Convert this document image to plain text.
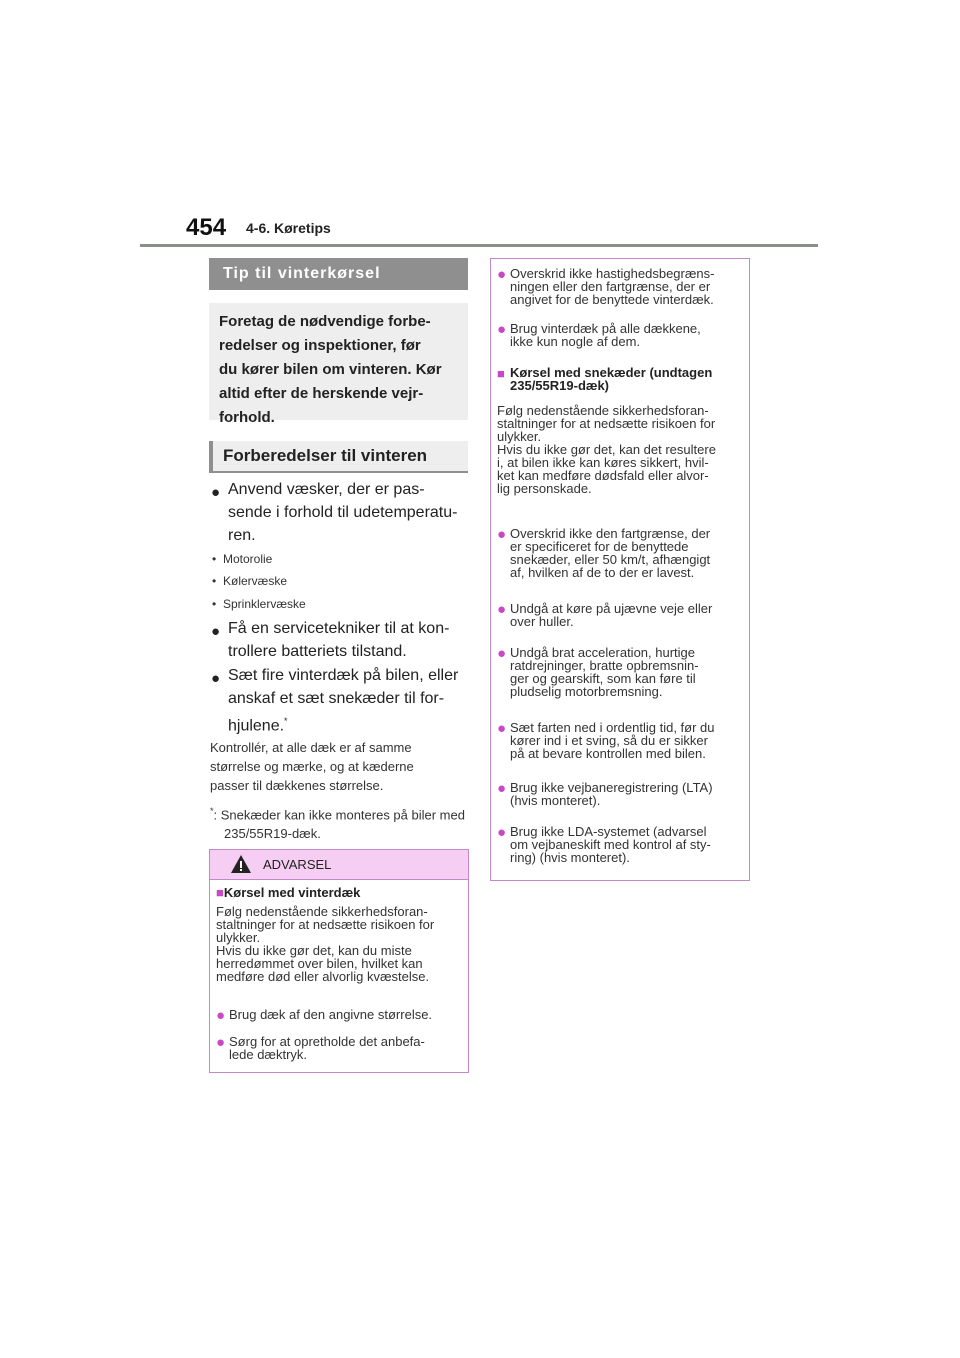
454 4-6. Køretips
Tip til vinterkørsel
Foretag de nødvendige forbe-
redelser og inspektioner, før
du kører bilen om vinteren. Kør
altid efter de herskende vejr-
forhold.
Forberedelser til vinteren
● Anvend væsker, der er pas-
sende i forhold til udetemperatu-
ren.
• Motorolie
• Kølervæske
• Sprinklervæske
● Få en servicetekniker til at kon-
trollere batteriets tilstand.
● Sæt fire vinterdæk på bilen, eller
anskaf et sæt snekæder til for-
hjulene.*
Kontrollér, at alle dæk er af samme
størrelse og mærke, og at kæderne
passer til dækkenes størrelse.
*: Snekæder kan ikke monteres på biler med 235/55R19-dæk.
ADVARSEL
■Kørsel med vinterdæk
Følg nedenstående sikkerhedsforan-
staltninger for at nedsætte risikoen for
ulykker.
Hvis du ikke gør det, kan du miste
herredømmet over bilen, hvilket kan
medføre død eller alvorlig kvæstelse.
● Brug dæk af den angivne størrelse.
● Sørg for at opretholde det anbefa-
lede dæktryk.
● Overskrid ikke hastighedsbegræns-
ningen eller den fartgrænse, der er
angivet for de benyttede vinterdæk.
● Brug vinterdæk på alle dækkene,
ikke kun nogle af dem.
■ Kørsel med snekæder (undtagen
235/55R19-dæk)
Følg nedenstående sikkerhedsforan-
staltninger for at nedsætte risikoen for
ulykker.
Hvis du ikke gør det, kan det resultere
i, at bilen ikke kan køres sikkert, hvil-
ket kan medføre dødsfald eller alvor-
lig personskade.
● Overskrid ikke den fartgrænse, der
er specificeret for de benyttede
snekæder, eller 50 km/t, afhængigt
af, hvilken af de to der er lavest.
● Undgå at køre på ujævne veje eller
over huller.
● Undgå brat acceleration, hurtige
ratdrejninger, bratte opbremsnin-
ger og gearskift, som kan føre til
pludselig motorbremsning.
● Sæt farten ned i ordentlig tid, før du
kører ind i et sving, så du er sikker
på at bevare kontrollen med bilen.
● Brug ikke vejbaneregistrering (LTA)
(hvis monteret).
● Brug ikke LDA-systemet (advarsel
om vejbaneskift med kontrol af sty-
ring) (hvis monteret).
